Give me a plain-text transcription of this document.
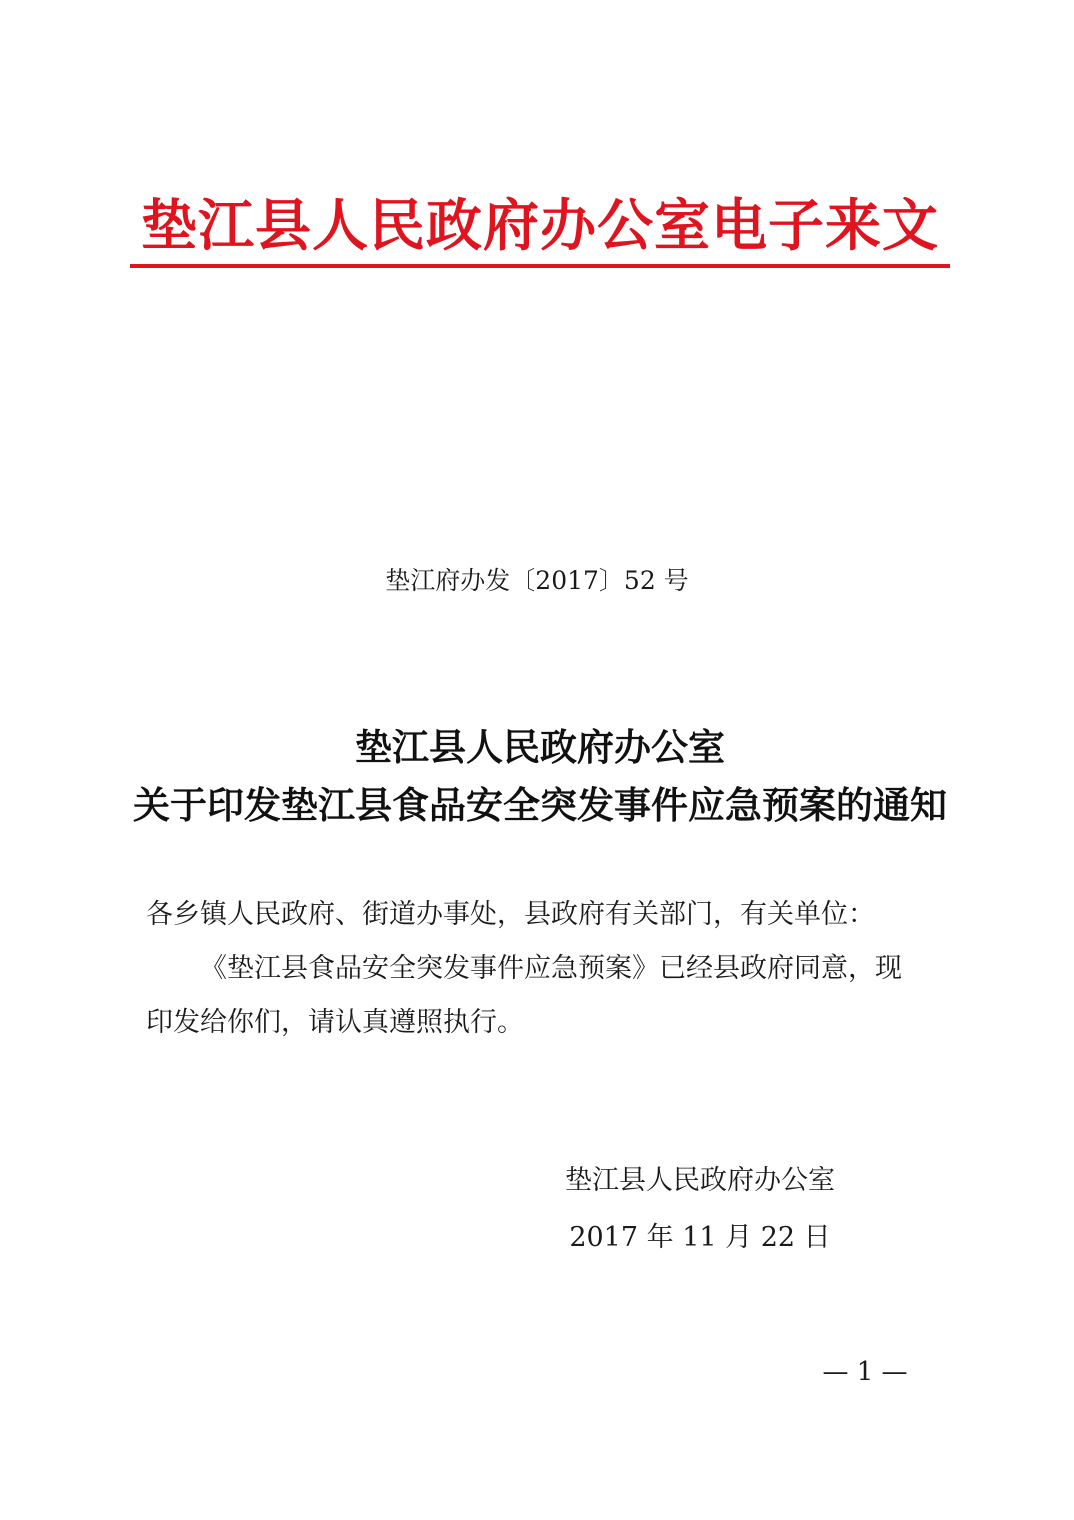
垫江县人民政府办公室电子来文
垫江府办发〔2017〕52 号
垫江县人民政府办公室
关于印发垫江县食品安全突发事件应急预案的通知
各乡镇人民政府、街道办事处，县政府有关部门，有关单位：
《垫江县食品安全突发事件应急预案》已经县政府同意，现
印发给你们，请认真遵照执行。
垫江县人民政府办公室
2017 年 11 月 22 日
— 1 —
